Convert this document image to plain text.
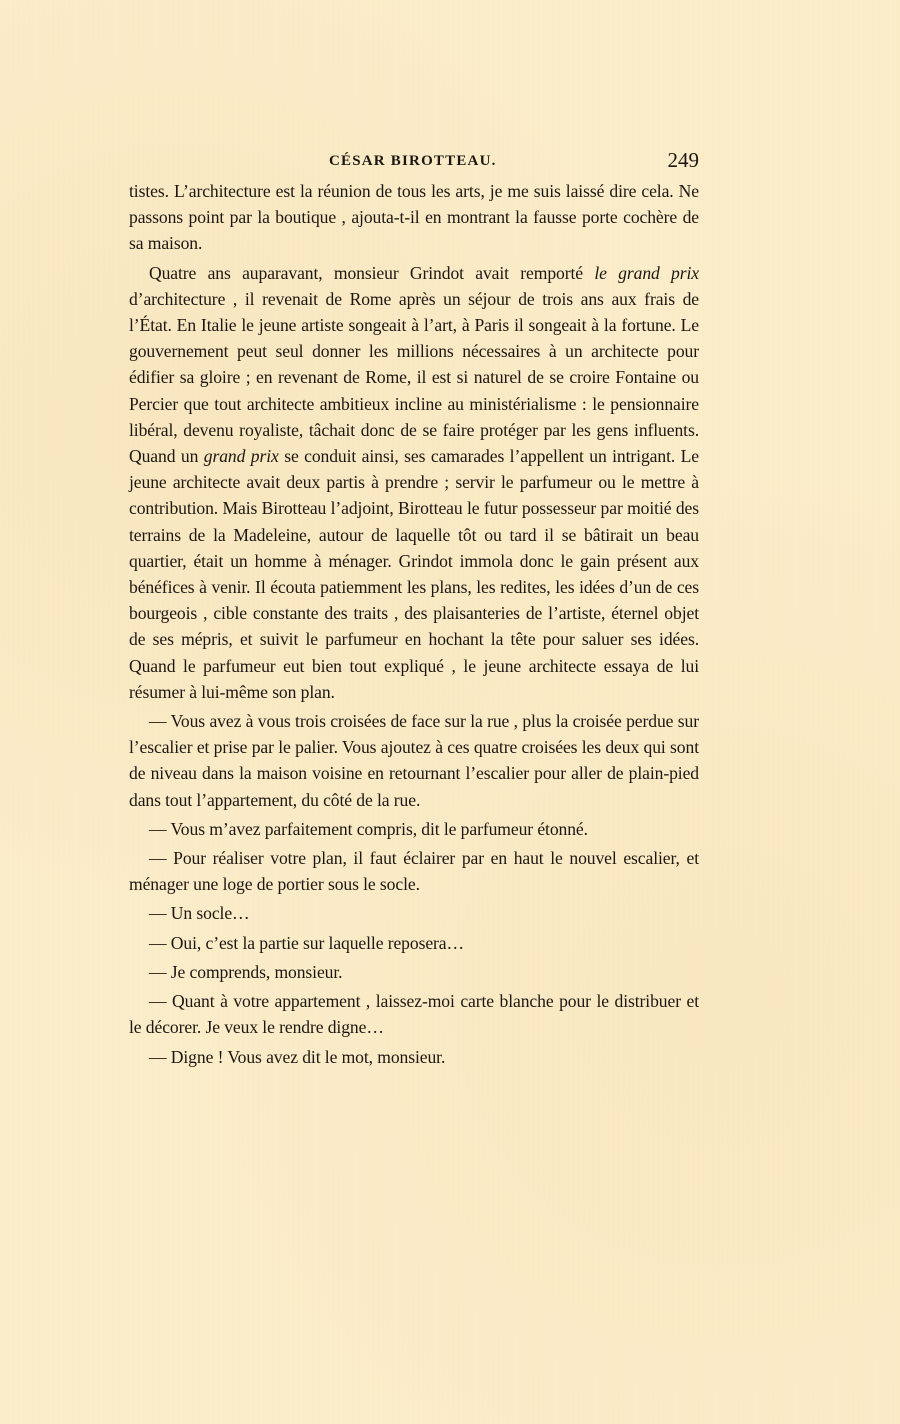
CÉSAR BIROTTEAU.	249

tistes. L’architecture est la réunion de tous les arts, je me suis laissé dire cela. Ne passons point par la boutique , ajouta-t-il en montrant la fausse porte cochère de sa maison.

Quatre ans auparavant, monsieur Grindot avait remporté le grand prix d’architecture , il revenait de Rome après un séjour de trois ans aux frais de l’État. En Italie le jeune artiste songeait à l’art, à Paris il songeait à la fortune. Le gouvernement peut seul donner les millions nécessaires à un architecte pour édifier sa gloire ; en revenant de Rome, il est si naturel de se croire Fontaine ou Percier que tout architecte ambitieux incline au ministérialisme : le pensionnaire libéral, devenu royaliste, tâchait donc de se faire protéger par les gens influents. Quand un grand prix se conduit ainsi, ses camarades l’appellent un intrigant. Le jeune architecte avait deux partis à prendre ; servir le parfumeur ou le mettre à contribution. Mais Birotteau l’adjoint, Birotteau le futur possesseur par moitié des terrains de la Madeleine, autour de laquelle tôt ou tard il se bâtirait un beau quartier, était un homme à ménager. Grindot immola donc le gain présent aux bénéfices à venir. Il écouta patiemment les plans, les redites, les idées d’un de ces bourgeois , cible constante des traits , des plaisanteries de l’artiste, éternel objet de ses mépris, et suivit le parfumeur en hochant la tête pour saluer ses idées. Quand le parfumeur eut bien tout expliqué , le jeune architecte essaya de lui résumer à lui-même son plan.

— Vous avez à vous trois croisées de face sur la rue , plus la croisée perdue sur l’escalier et prise par le palier. Vous ajoutez à ces quatre croisées les deux qui sont de niveau dans la maison voisine en retournant l’escalier pour aller de plain-pied dans tout l’appartement, du côté de la rue.

— Vous m’avez parfaitement compris, dit le parfumeur étonné.

— Pour réaliser votre plan, il faut éclairer par en haut le nouvel escalier, et ménager une loge de portier sous le socle.

— Un socle…

— Oui, c’est la partie sur laquelle reposera…

— Je comprends, monsieur.

— Quant à votre appartement , laissez-moi carte blanche pour le distribuer et le décorer. Je veux le rendre digne…

— Digne ! Vous avez dit le mot, monsieur.
